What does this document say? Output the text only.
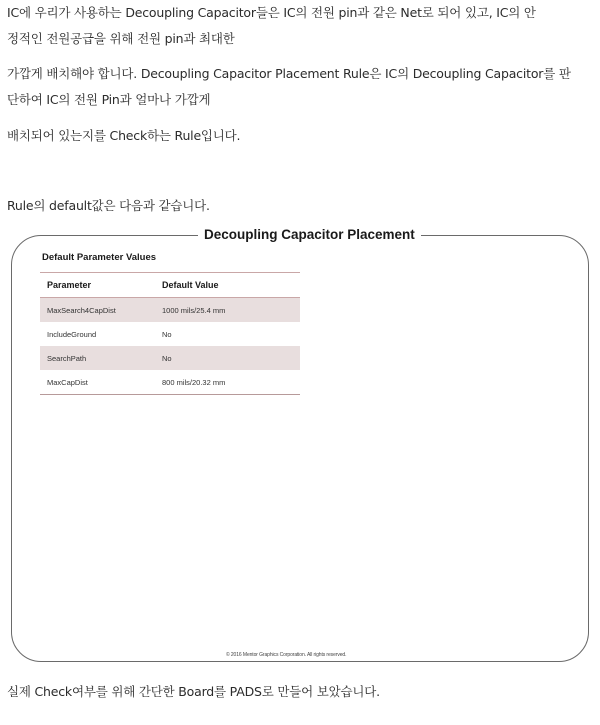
IC에 우리가 사용하는 Decoupling Capacitor들은 IC의 전원 pin과 같은 Net로 되어 있고, IC의 안

정적인 전원공급을 위해 전원 pin과 최대한

가깝게 배치해야 합니다. Decoupling Capacitor Placement Rule은 IC의 Decoupling Capacitor를 판

단하여 IC의 전원 Pin과 얼마나 가깝게

배치되어 있는지를 Check하는 Rule입니다.

Rule의 default값은 다음과 같습니다.

Decoupling Capacitor Placement
Default Parameter Values
Parameter	Default Value
MaxSearch4CapDist	1000 mils/25.4 mm
IncludeGround	No
SearchPath	No
MaxCapDist	800 mils/20.32 mm
© 2016 Mentor Graphics Corporation. All rights reserved.

실제 Check여부를 위해 간단한 Board를 PADS로 만들어 보았습니다.
